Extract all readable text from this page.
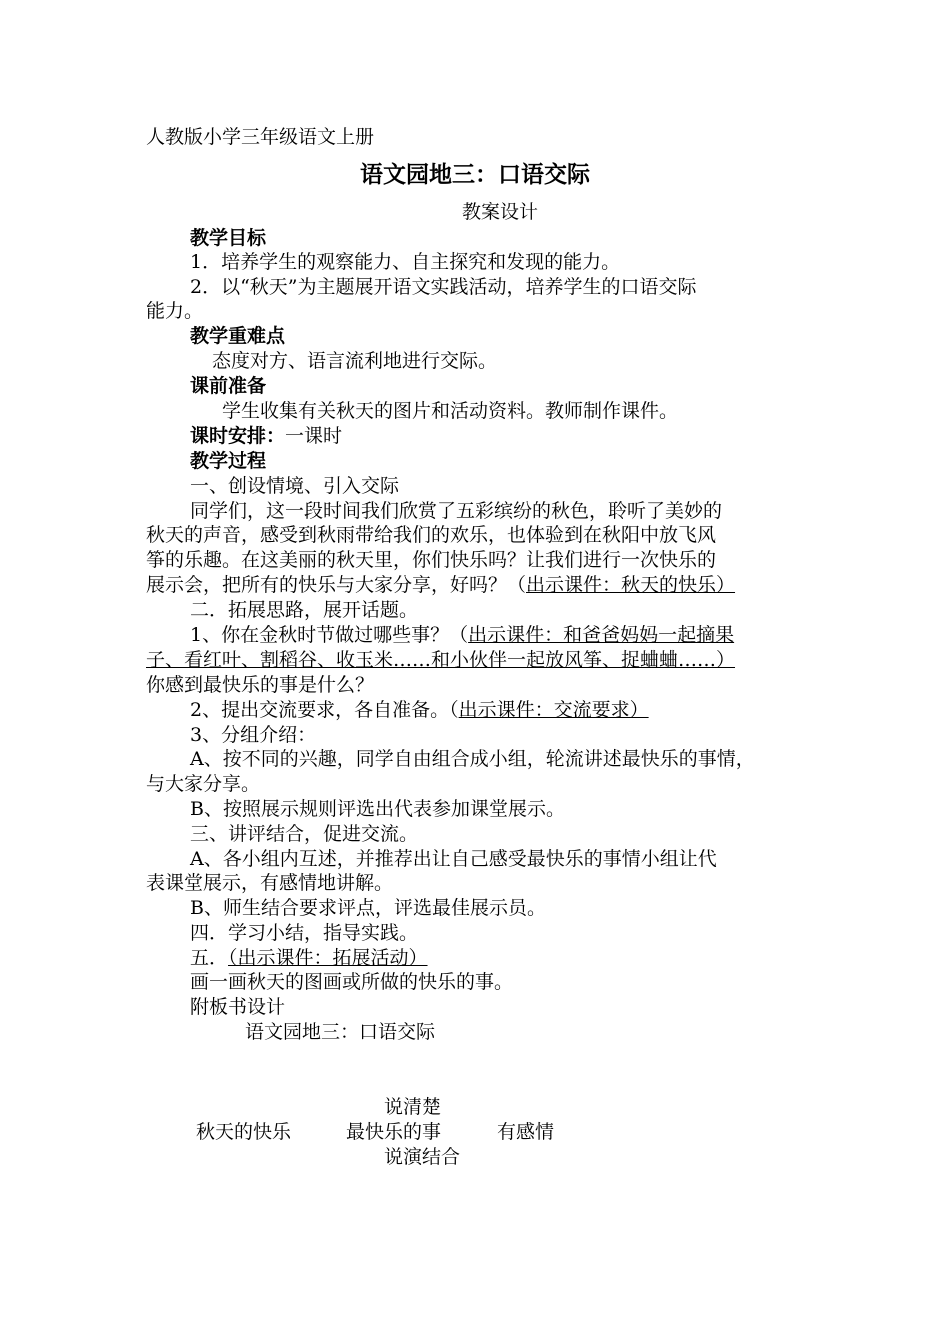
人教版小学三年级语文上册
语文园地三：口语交际
教案设计
教学目标
1．培养学生的观察能力、自主探究和发现的能力。
2．以“秋天”为主题展开语文实践活动，培养学生的口语交际
能力。
教学重难点
态度对方、语言流利地进行交际。
课前准备
学生收集有关秋天的图片和活动资料。教师制作课件。
课时安排：一课时
教学过程
一、创设情境、引入交际
同学们，这一段时间我们欣赏了五彩缤纷的秋色，聆听了美妙的
秋天的声音，感受到秋雨带给我们的欢乐，也体验到在秋阳中放飞风
筝的乐趣。在这美丽的秋天里，你们快乐吗？让我们进行一次快乐的
展示会，把所有的快乐与大家分享，好吗？（出示课件：秋天的快乐）
二．拓展思路，展开话题。
1、你在金秋时节做过哪些事？（出示课件：和爸爸妈妈一起摘果
子、看红叶、割稻谷、收玉米……和小伙伴一起放风筝、捉蛐蛐……）
你感到最快乐的事是什么？
2、提出交流要求，各自准备。（出示课件：交流要求）
3、分组介绍：
A、按不同的兴趣，同学自由组合成小组，轮流讲述最快乐的事情，
与大家分享。
B、按照展示规则评选出代表参加课堂展示。
三、讲评结合，促进交流。
A、各小组内互述，并推荐出让自己感受最快乐的事情小组让代
表课堂展示，有感情地讲解。
B、师生结合要求评点，评选最佳展示员。
四．学习小结，指导实践。
五．（出示课件：拓展活动）
画一画秋天的图画或所做的快乐的事。
附板书设计
语文园地三：口语交际
说清楚
秋天的快乐	最快乐的事	有感情
说演结合
